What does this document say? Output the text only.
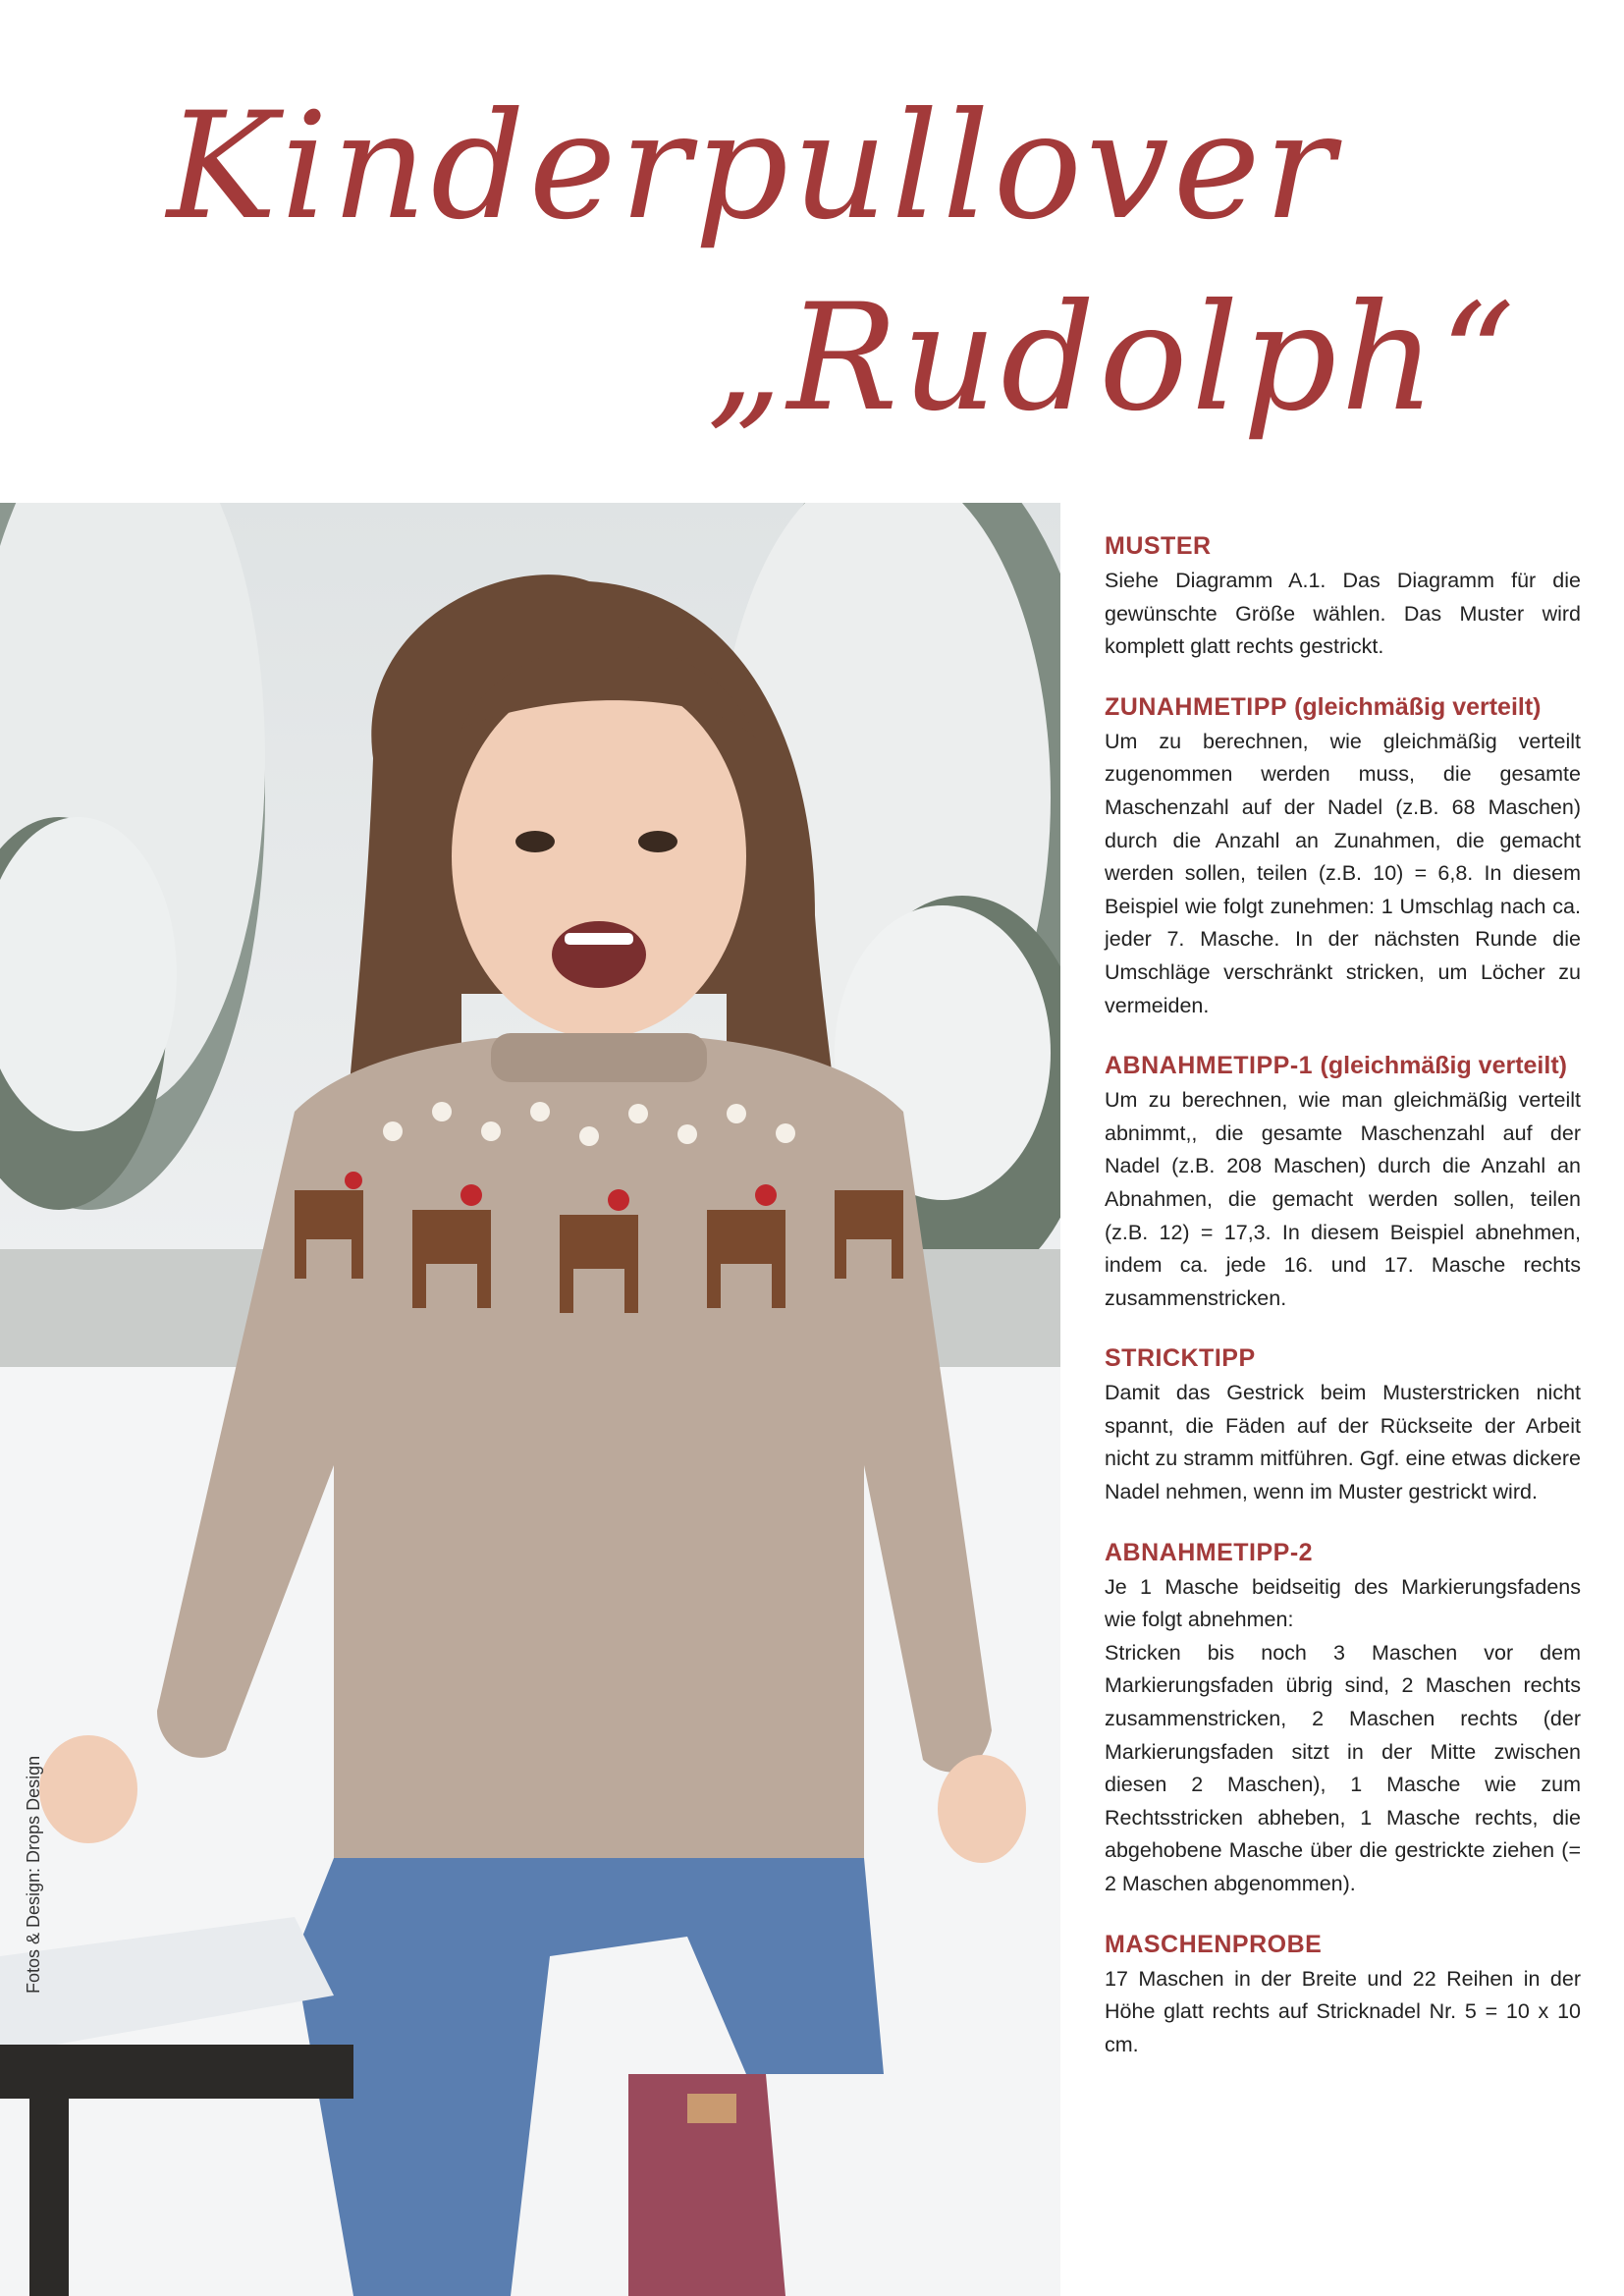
Kinderpullover
„Rudolph“
Fotos & Design: Drops Design
MUSTER

Siehe Diagramm A.1. Das Diagramm für die gewünschte Größe wählen. Das Muster wird komplett glatt rechts gestrickt.

ZUNAHMETIPP (gleichmäßig verteilt)

Um zu berechnen, wie gleichmäßig verteilt zugenommen werden muss, die gesamte Maschenzahl auf der Nadel (z.B. 68 Maschen) durch die Anzahl an Zunahmen, die gemacht werden sollen, teilen (z.B. 10) = 6,8. In diesem Beispiel wie folgt zunehmen: 1 Umschlag nach ca. jeder 7. Masche. In der nächsten Runde die Umschläge verschränkt stricken, um Löcher zu vermeiden.

ABNAHMETIPP-1 (gleichmäßig verteilt)

Um zu berechnen, wie man gleichmäßig verteilt abnimmt,, die gesamte Maschenzahl auf der Nadel (z.B. 208 Maschen) durch die Anzahl an Abnahmen, die gemacht werden sollen, teilen (z.B. 12) = 17,3. In diesem Beispiel abnehmen, indem ca. jede 16. und 17. Masche rechts zusammenstricken.

STRICKTIPP

Damit das Gestrick beim Musterstricken nicht spannt, die Fäden auf der Rückseite der Arbeit nicht zu stramm mitführen. Ggf. eine etwas dickere Nadel nehmen, wenn im Muster gestrickt wird.

ABNAHMETIPP-2

Je 1 Masche beidseitig des Markierungsfadens wie folgt abnehmen:

Stricken bis noch 3 Maschen vor dem Markierungsfaden übrig sind, 2 Maschen rechts zusammenstricken, 2 Maschen rechts (der Markierungsfaden sitzt in der Mitte zwischen diesen 2 Maschen), 1 Masche wie zum Rechtsstricken abheben, 1 Masche rechts, die abgehobene Masche über die gestrickte ziehen (= 2 Maschen abgenommen).

MASCHENPROBE

17 Maschen in der Breite und 22 Reihen in der Höhe glatt rechts auf Stricknadel Nr. 5 = 10 x 10 cm.
